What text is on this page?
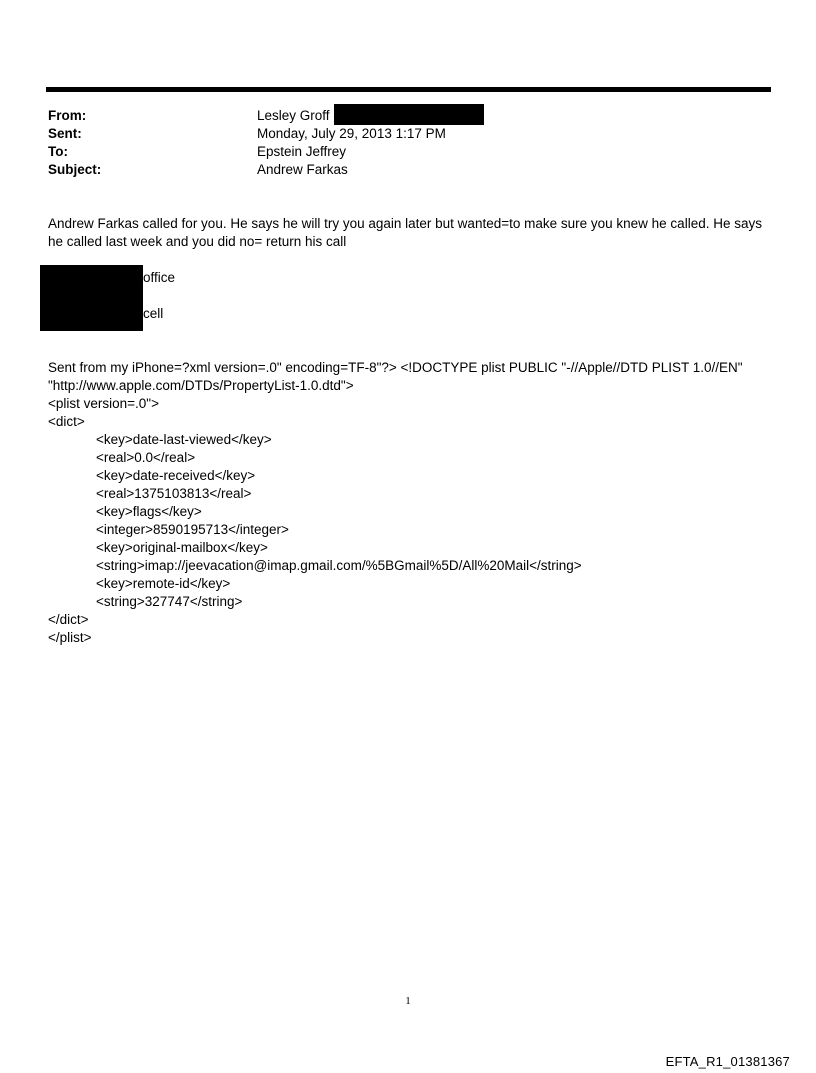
From:	Lesley Groff
Sent:	Monday, July 29, 2013 1:17 PM
To:	Epstein Jeffrey
Subject:	Andrew Farkas
Andrew Farkas called for you. He says he will try you again later but wanted=to make sure you knew he called. He says
he called last week and you did no= return his call
office
cell
Sent from my iPhone=?xml version=.0" encoding=TF-8"?> <!DOCTYPE plist PUBLIC "-//Apple//DTD PLIST 1.0//EN"
"http://www.apple.com/DTDs/PropertyList-1.0.dtd">
<plist version=.0">
<dict>
<key>date-last-viewed</key>
<real>0.0</real>
<key>date-received</key>
<real>1375103813</real>
<key>flags</key>
<integer>8590195713</integer>
<key>original-mailbox</key>
<string>imap://jeevacation@imap.gmail.com/%5BGmail%5D/All%20Mail</string>
<key>remote-id</key>
<string>327747</string>
</dict>
</plist>
1
EFTA_R1_01381367
